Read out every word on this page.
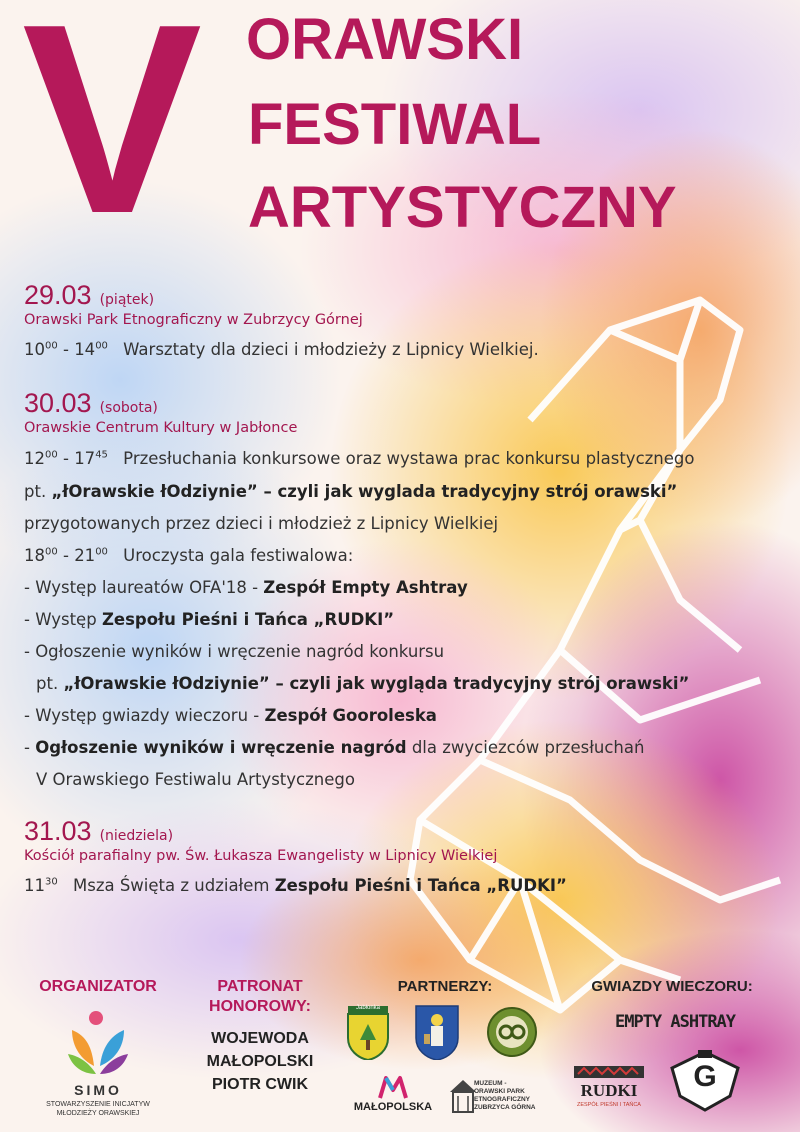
V ORAWSKI
FESTIWAL
ARTYSTYCZNY
29.03 (piątek)
Orawski Park Etnograficzny w Zubrzycy Górnej
$10^{00} - 14^{00}$ Warsztaty dla dzieci i młodzieży z Lipnicy Wielkiej.
30.03 (sobota)
Orawskie Centrum Kultury w Jabłonce
$12^{00} - 17^{45}$ Przesłuchania konkursowe oraz wystawa prac konkursu plastycznego
pt. „łOrawskie łOdziynie” – czyli jak wyglada tradycyjny strój orawski”
przygotowanych przez dzieci i młodzież z Lipnicy Wielkiej
$18^{00} - 21^{00}$ Uroczysta gala festiwalowa:
- Występ laureatów OFA'18 - Zespół Empty Ashtray
- Występ Zespołu Pieśni i Tańca „RUDKI”
- Ogłoszenie wyników i wręczenie nagród konkursu
pt. „łOrawskie łOdziynie” – czyli jak wygląda tradycyjny strój orawski”
- Występ gwiazdy wieczoru - Zespół Gooroleska
- Ogłoszenie wyników i wręczenie nagród dla zwyciezców przesłuchań
V Orawskiego Festiwalu Artystycznego
31.03 (niedziela)
Kościół parafialny pw. Św. Łukasza Ewangelisty w Lipnicy Wielkiej
$11^{30}$ Msza Święta z udziałem Zespołu Pieśni i Tańca „RUDKI”
ORGANIZATOR
SIMO
STOWARZYSZENIE INICJATYW
MŁODZIEŻY ORAWSKIEJ
PATRONAT
HONOROWY:
WOJEWODA
MAŁOPOLSKI
PIOTR CWIK
PARTNERZY:
Jabłonka
MAŁOPOLSKA
MUZEUM -
ORAWSKI PARK
ETNOGRAFICZNY
ZUBRZYCA GÓRNA
GWIAZDY WIECZORU:
EMPTY ASHTRAY
RUDKI
ZESPÓŁ PIEŚNI I TAŃCA
G
